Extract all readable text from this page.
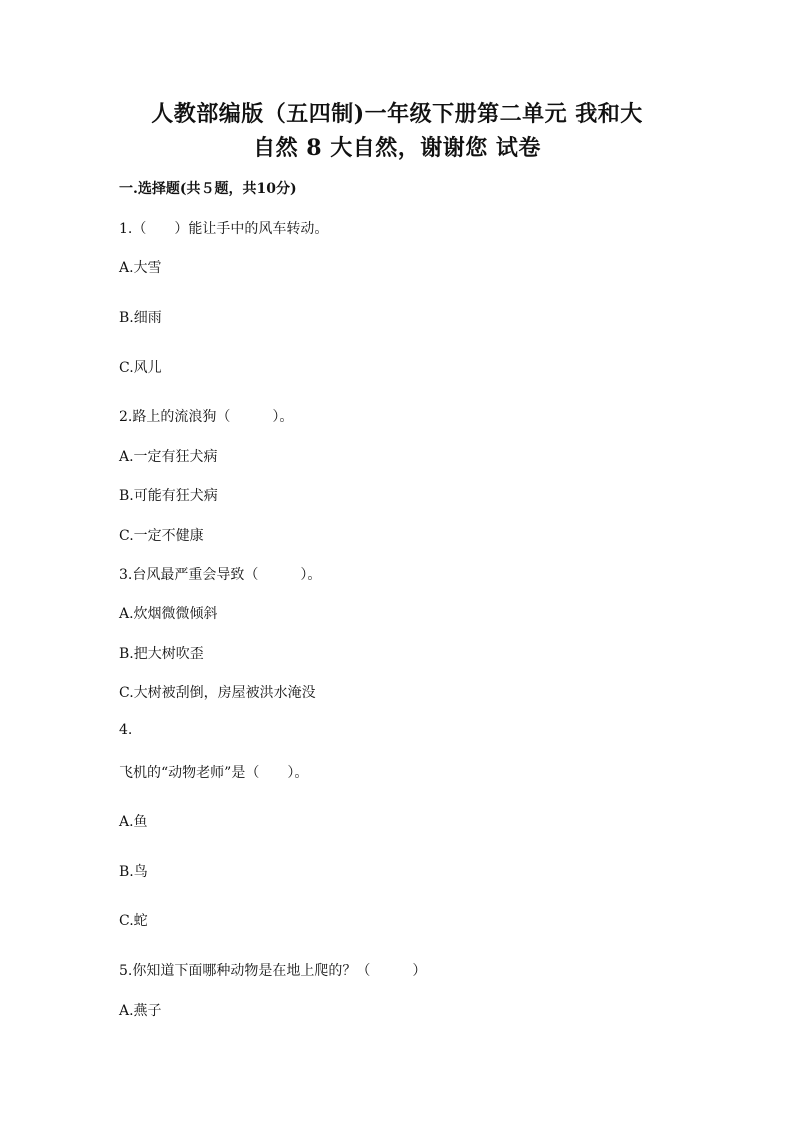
人教部编版（五四制)一年级下册第二单元 我和大
自然 8 大自然，谢谢您 试卷
一.选择题(共５题，共10分)
1.（　　）能让手中的风车转动。
A.大雪
B.细雨
C.风儿
2.路上的流浪狗（　　　）。
A.一定有狂犬病
B.可能有狂犬病
C.一定不健康
3.台风最严重会导致（　　　）。
A.炊烟微微倾斜
B.把大树吹歪
C.大树被刮倒，房屋被洪水淹没
4.
飞机的“动物老师”是（　　）。
A.鱼
B.鸟
C.蛇
5.你知道下面哪种动物是在地上爬的？（　　　）
A.燕子
